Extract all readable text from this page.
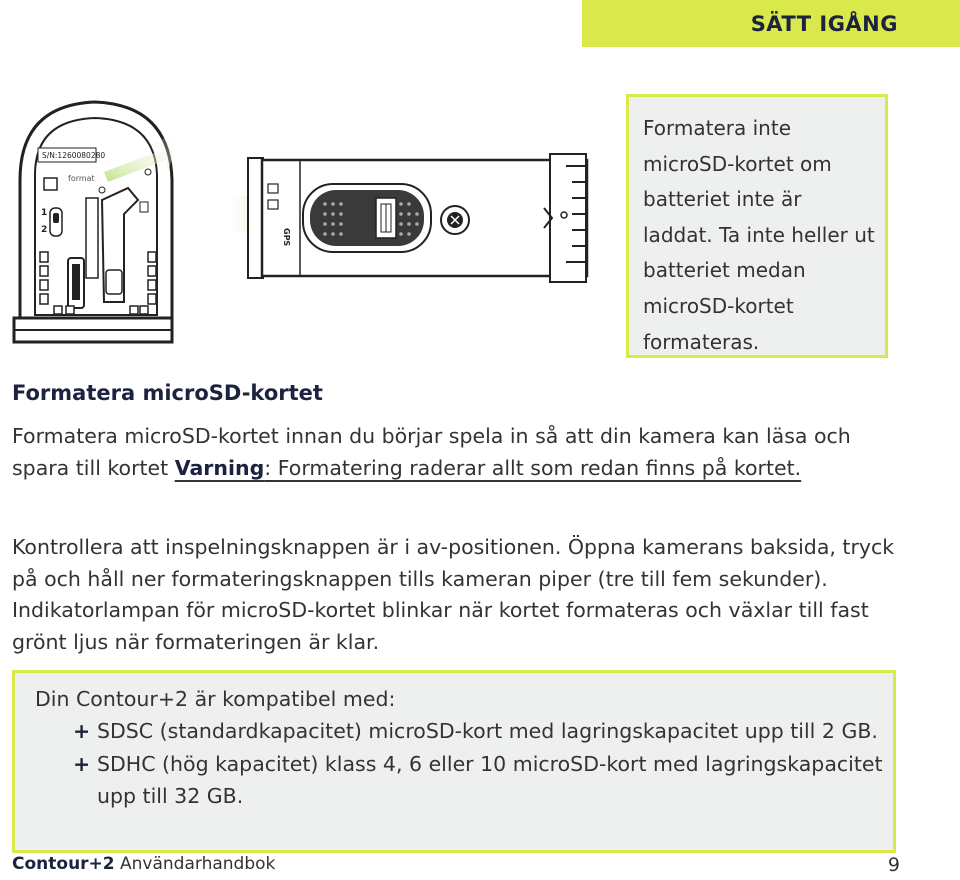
SÄTT IGÅNG
S/N:1260080280
format
1
2	GPS

Formatera inte microSD-kortet om batteriet inte är laddat. Ta inte heller ut batteriet medan microSD-kortet formateras.

Formatera microSD-kortet

Formatera microSD-kortet innan du börjar spela in så att din kamera kan läsa och spara till kortet Varning: Formatering raderar allt som redan finns på kortet.

Kontrollera att inspelningsknappen är i av-positionen. Öppna kamerans baksida, tryck på och håll ner formateringsknappen tills kameran piper (tre till fem sekunder). Indikatorlampan för microSD-kortet blinkar när kortet formateras och växlar till fast grönt ljus när formateringen är klar.

Din Contour+2 är kompatibel med:

+ SDSC (standardkapacitet) microSD-kort med lagringskapacitet upp till 2 GB.
+ SDHC (hög kapacitet) klass 4, 6 eller 10 microSD-kort med lagringskapacitet upp till 32 GB.
Contour+2 Användarhandbok	9
